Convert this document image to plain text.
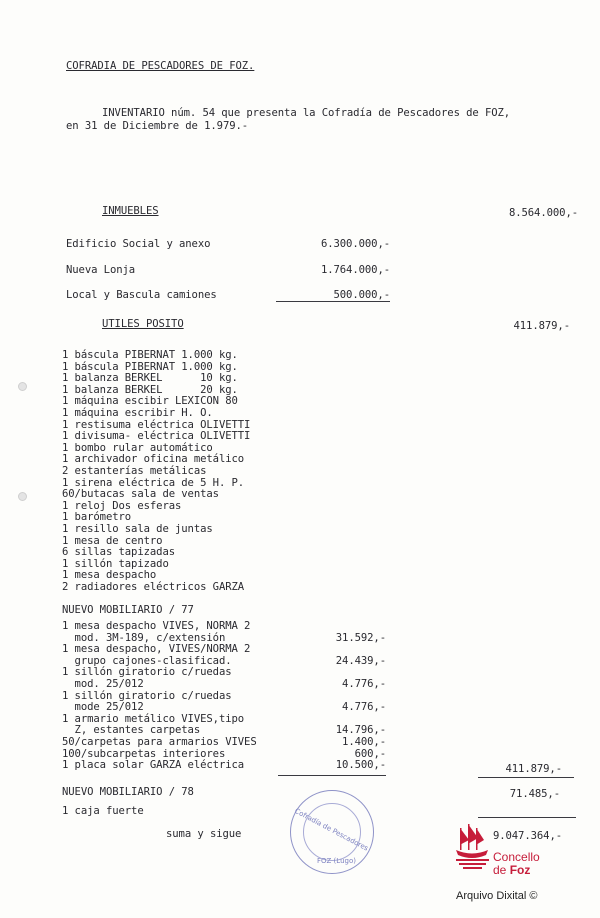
COFRADIA DE PESCADORES DE FOZ.
INVENTARIO núm. 54 que presenta la Cofradía de Pescadores de FOZ,
en 31 de Diciembre de 1.979.-
INMUEBLES	8.564.000,-
Edificio Social y anexo	6.300.000,-
Nueva Lonja	1.764.000,-
Local y Bascula camiones	500.000,-
UTILES POSITO	411.879,-
1 báscula PIBERNAT 1.000 kg.
1 báscula PIBERNAT 1.000 kg.
1 balanza BERKEL      10 kg.
1 balanza BERKEL      20 kg.
1 máquina escibir LEXICON 80
1 máquina escribir H. O.
1 restisuma eléctrica OLIVETTI
1 divisuma- eléctrica OLIVETTI
1 bombo rular automático
1 archivador oficina metálico
2 estanterías metálicas
1 sirena eléctrica de 5 H. P.
60/butacas sala de ventas
1 reloj Dos esferas
1 barómetro
1 resillo sala de juntas
1 mesa de centro
6 sillas tapizadas
1 sillón tapizado
1 mesa despacho
2 radiadores eléctricos GARZA
NUEVO MOBILIARIO / 77
1 mesa despacho VIVES, NORMA 2
mod. 3M-189, c/extensión	31.592,-
1 mesa despacho, VIVES/NORMA 2
grupo cajones-clasificad.	24.439,-
1 sillón giratorio c/ruedas
mod. 25/012	4.776,-
1 sillón giratorio c/ruedas
mode 25/012	4.776,-
1 armario metálico VIVES,tipo
Z, estantes carpetas	14.796,-
50/carpetas para armarios VIVES	1.400,-
100/subcarpetas interiores	600,-
1 placa solar GARZA eléctrica	10.500,-	411.879,-
NUEVO MOBILIARIO / 78	71.485,-
1 caja fuerte
suma y sigue	9.047.364,-
Cofradía de Pescadores
FOZ (Lugo)	Concello
de Foz
Arquivo Dixital ©
